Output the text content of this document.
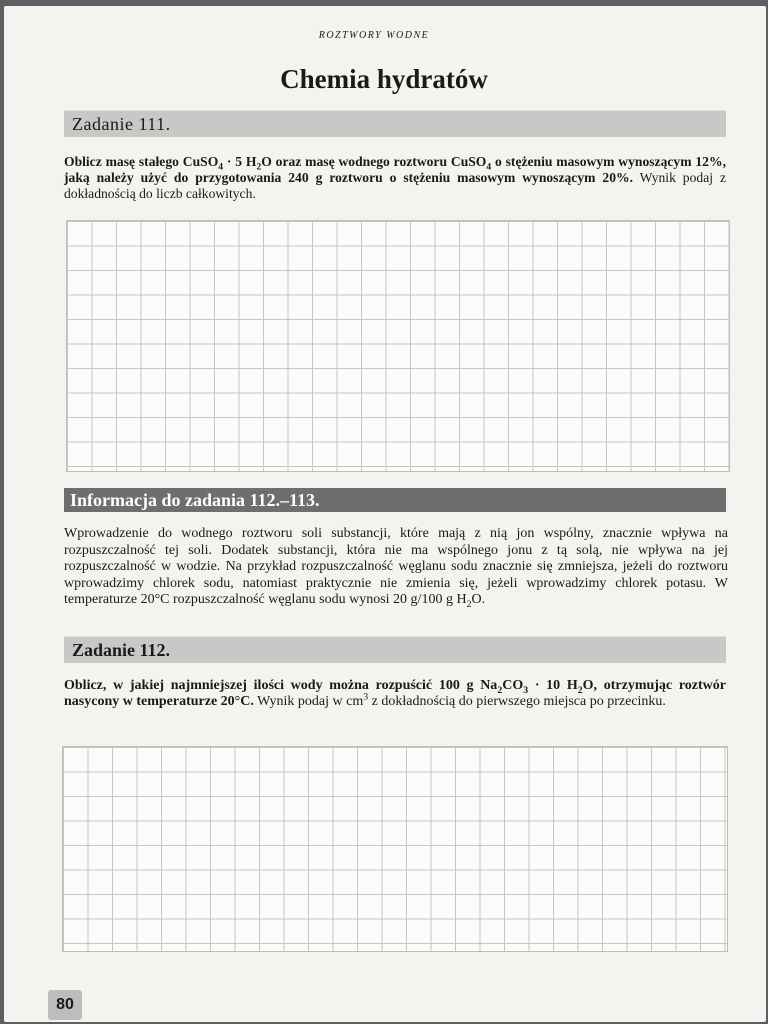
ROZTWORY WODNE
Chemia hydratów
Zadanie 111.
Oblicz masę stałego CuSO$_4$ · 5 $H_2O$ oraz masę wodnego roztworu CuSO$_4$ o stężeniu masowym wynoszącym 12%, jaką należy użyć do przygotowania 240 g roztworu o stężeniu masowym wynoszącym 20%. Wynik podaj z dokładnością do liczb całkowitych.
Informacja do zadania 112.–113.
Wprowadzenie do wodnego roztworu soli substancji, które mają z nią jon wspólny, znacznie wpływa na rozpuszczalność tej soli. Dodatek substancji, która nie ma wspólnego jonu z tą solą, nie wpływa na jej rozpuszczalność w wodzie. Na przykład rozpuszczalność węglanu sodu znacznie się zmniejsza, jeżeli do roztworu wprowadzimy chlorek sodu, natomiast praktycznie nie zmienia się, jeżeli wprowadzimy chlorek potasu. W temperaturze 20°C rozpuszczalność węglanu sodu wynosi 20 g/100 g $H_2O$.
Zadanie 112.
Oblicz, w jakiej najmniejszej ilości wody można rozpuścić 100 g $Na_2CO_3 \cdot 10$ $H_2O$, otrzymując roztwór nasycony w temperaturze 20°C. Wynik podaj w $cm^3$ z dokładnością do pierwszego miejsca po przecinku.
80
